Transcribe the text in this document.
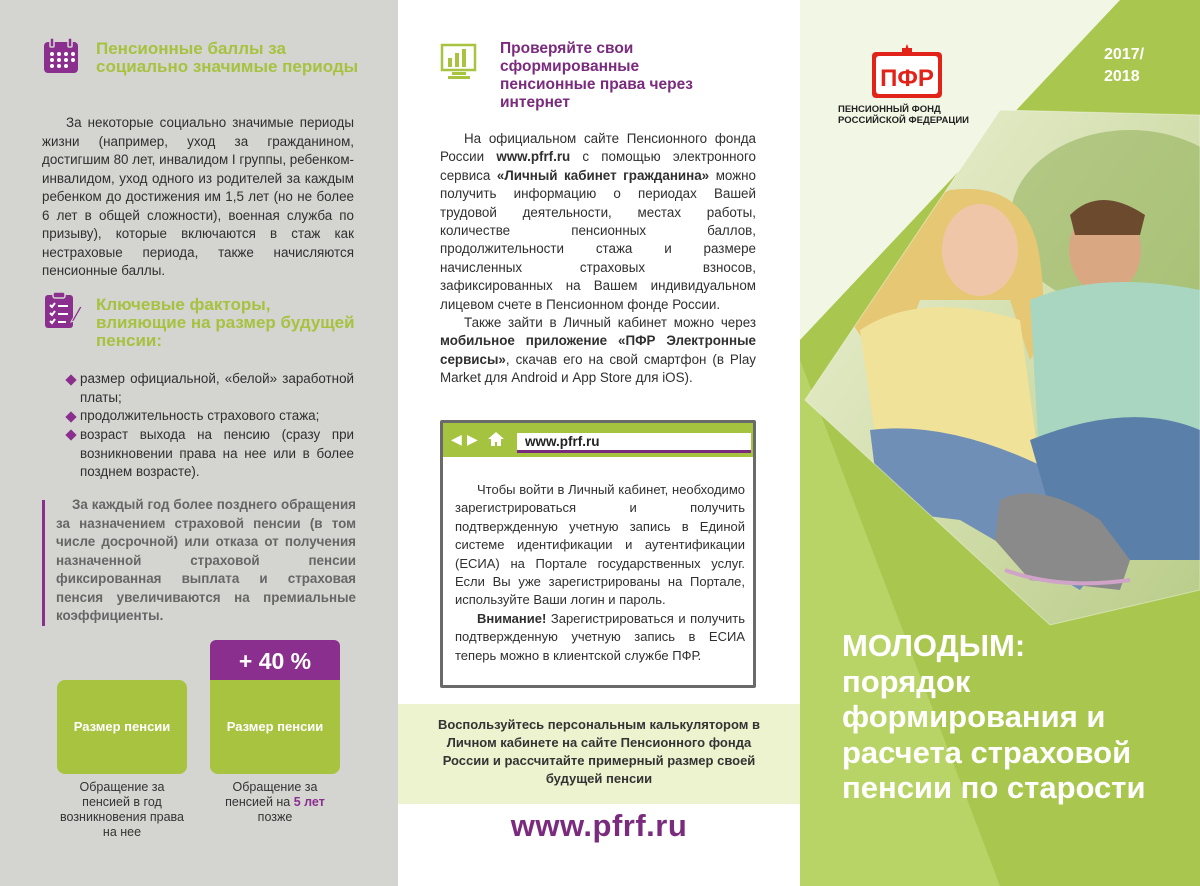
Пенсионные баллы за социально значимые периоды
За некоторые социально значимые периоды жизни (например, уход за гражданином, достигшим 80 лет, инвалидом I группы, ребенком-инвалидом, уход одного из родителей за каждым ребенком до достижения им 1,5 лет (но не более 6 лет в общей сложности), военная служба по призыву), которые включаются в стаж как нестраховые периода, также начисляются пенсионные баллы.
Ключевые факторы, влияющие на размер будущей пенсии:
размер официальной, «белой» заработной платы;
продолжительность страхового стажа;
возраст выхода на пенсию (сразу при возникновении права на нее или в более позднем возрасте).
За каждый год более позднего обращения за назначением страховой пенсии (в том числе досрочной) или отказа от получения назначенной страховой пенсии фиксированная выплата и страховая пенсия увеличиваются на премиальные коэффициенты.
+ 40 %
Размер пенсии	Размер пенсии
Обращение за пенсией в год возникновения права на нее
Обращение за пенсией на 5 лет позже
Проверяйте свои сформированные пенсионные права через интернет
На официальном сайте Пенсионного фонда России www.pfrf.ru с помощью электронного сервиса «Личный кабинет гражданина» можно получить информацию о периодах Вашей трудовой деятельности, местах работы, количестве пенсионных баллов, продолжительности стажа и размере начисленных страховых взносов, зафиксированных на Вашем индивидуальном лицевом счете в Пенсионном фонде России.
Также зайти в Личный кабинет можно через мобильное приложение «ПФР Электронные сервисы», скачав его на свой смартфон (в Play Market для Android и App Store для iOS).
◀ ▶	www.pfrf.ru
Чтобы войти в Личный кабинет, необходимо зарегистрироваться и получить подтвержденную учетную запись в Единой системе идентификации и аутентификации (ЕСИА) на Портале государственных услуг. Если Вы уже зарегистрированы на Портале, используйте Ваши логин и пароль.
Внимание! Зарегистрироваться и получить подтвержденную учетную запись в ЕСИА теперь можно в клиентской службе ПФР.
Воспользуйтесь персональным калькулятором в Личном кабинете на сайте Пенсионного фонда России и рассчитайте примерный размер своей будущей пенсии
www.pfrf.ru
2017/
2018
ПФР
ПЕНСИОННЫЙ ФОНД
РОССИЙСКОЙ ФЕДЕРАЦИИ
МОЛОДЫМ:
порядок формирования и расчета страховой пенсии по старости
